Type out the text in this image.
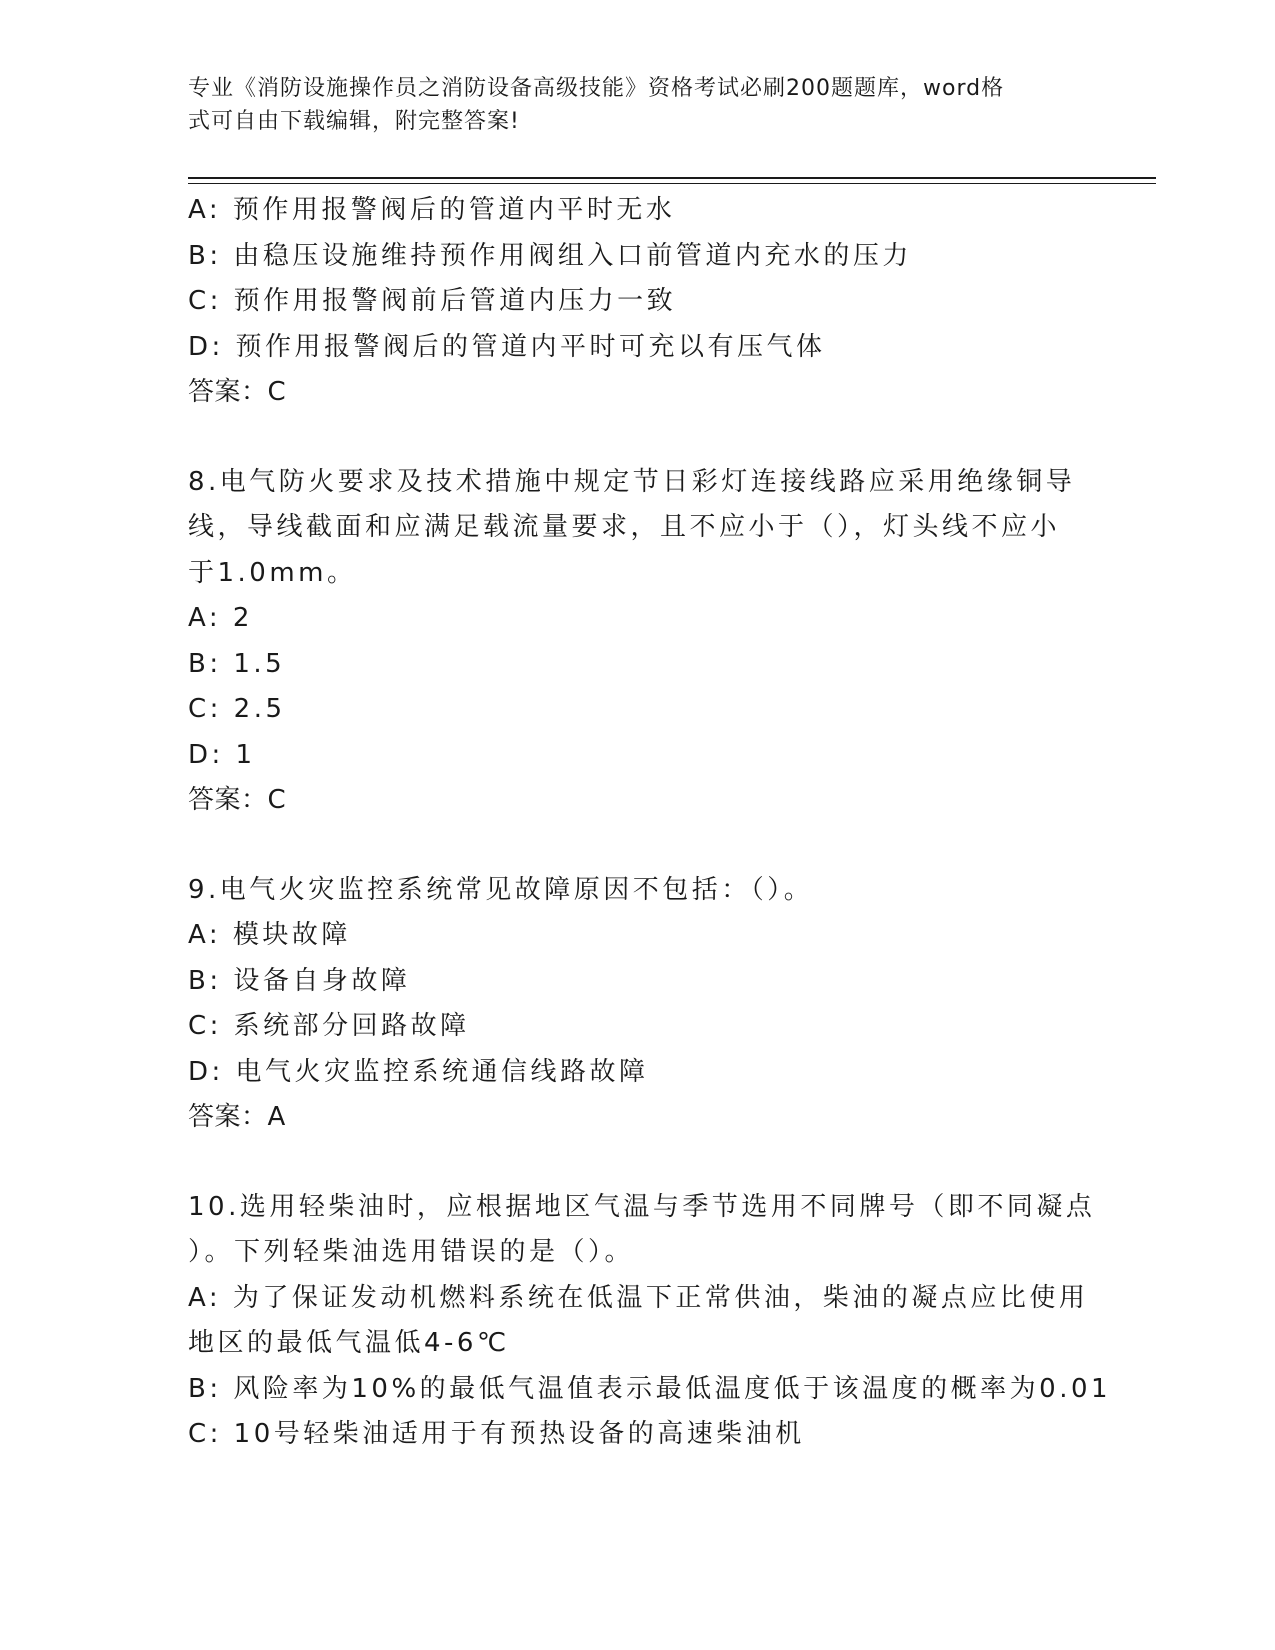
专业《消防设施操作员之消防设备高级技能》资格考试必刷200题题库，word格
式可自由下载编辑，附完整答案!
A: 预作用报警阀后的管道内平时无水
B: 由稳压设施维持预作用阀组入口前管道内充水的压力
C: 预作用报警阀前后管道内压力一致
D: 预作用报警阀后的管道内平时可充以有压气体
答案：C
8.电气防火要求及技术措施中规定节日彩灯连接线路应采用绝缘铜导
线，导线截面和应满足载流量要求，且不应小于（），灯头线不应小
于1.0mm。
A: 2
B: 1.5
C: 2.5
D: 1
答案：C
9.电气火灾监控系统常见故障原因不包括：（）。
A: 模块故障
B: 设备自身故障
C: 系统部分回路故障
D: 电气火灾监控系统通信线路故障
答案：A
10.选用轻柴油时，应根据地区气温与季节选用不同牌号（即不同凝点
）。下列轻柴油选用错误的是（）。
A: 为了保证发动机燃料系统在低温下正常供油，柴油的凝点应比使用
地区的最低气温低4-6℃
B: 风险率为10%的最低气温值表示最低温度低于该温度的概率为0.01
C: 10号轻柴油适用于有预热设备的高速柴油机
